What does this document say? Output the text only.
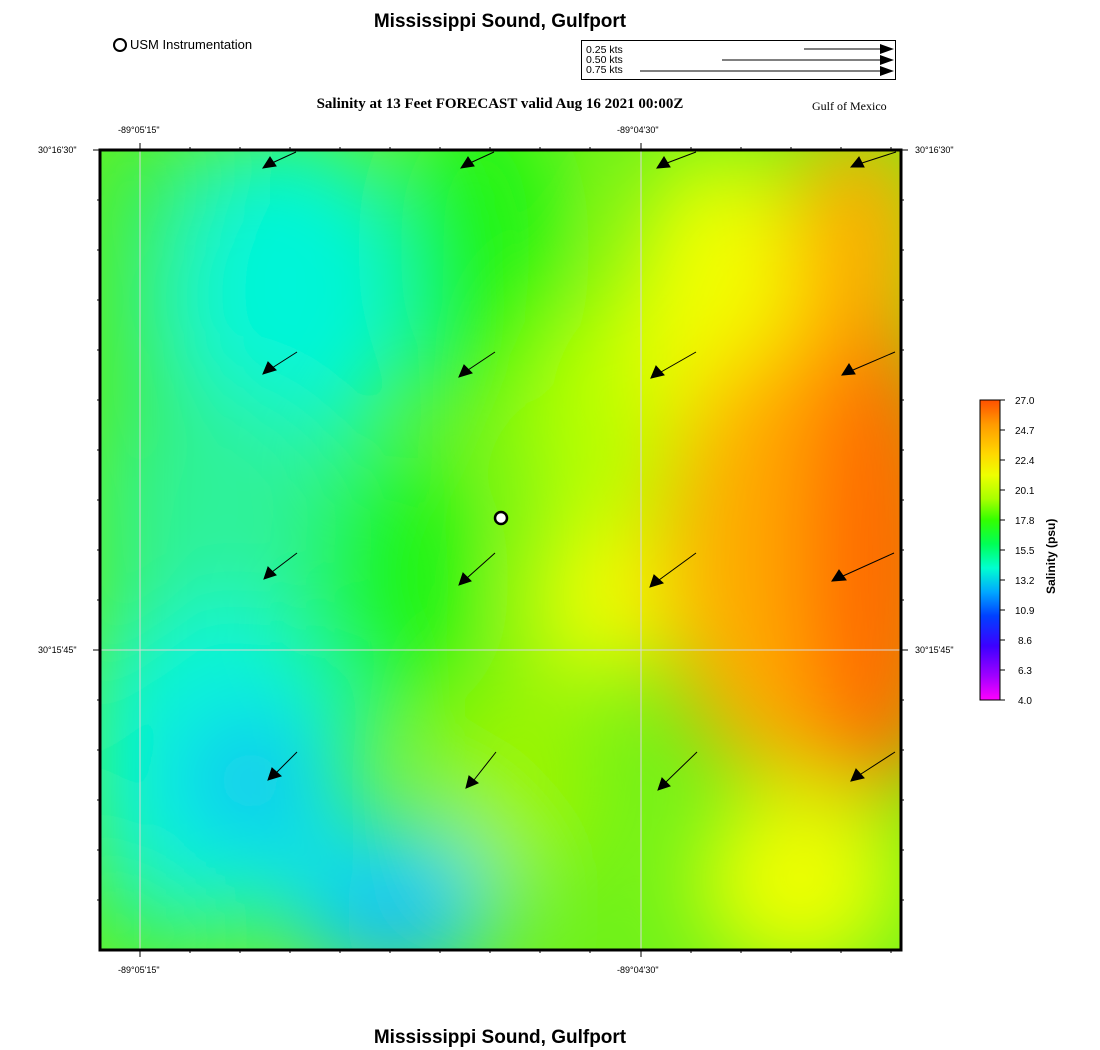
Mississippi Sound, Gulfport
USM Instrumentation	0.25 kts
0.50 kts
0.75 kts
Salinity at 13 Feet FORECAST valid Aug 16 2021 00:00Z	Gulf of Mexico
-89°05'15"	-89°04'30"
-89°05'15"	-89°04'30"
30°16'30"
30°15'45"
30°16'30"
30°15'45"
27.0
24.7
22.4
20.1
17.8
15.5
13.2
10.9
8.6
6.3
4.0
Salinity (psu)
Mississippi Sound, Gulfport
